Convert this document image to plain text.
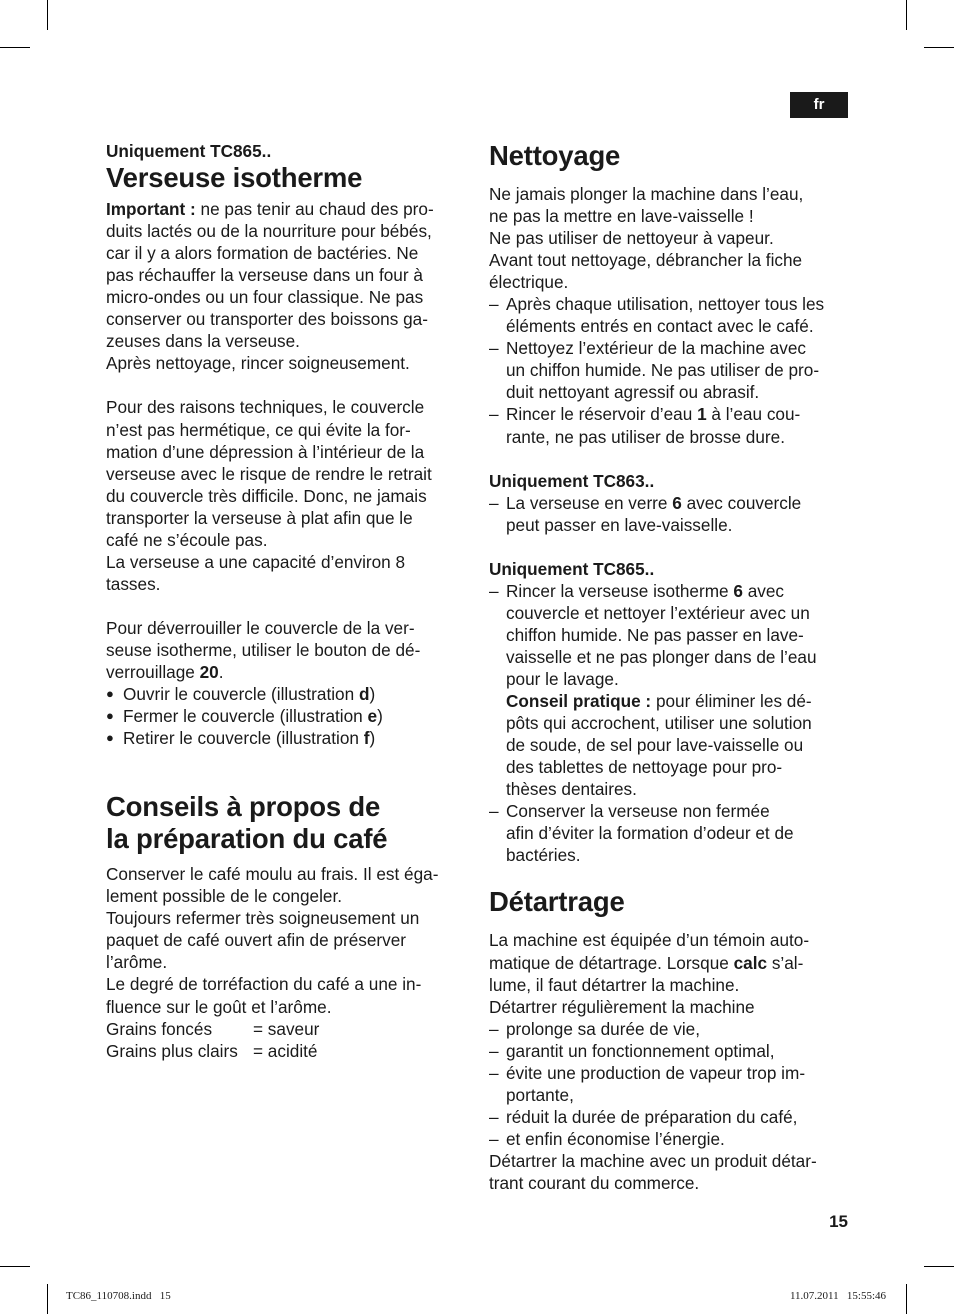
fr
Uniquement TC865..
Verseuse isotherme

Important : ne pas tenir au chaud des pro-

duits lactés ou de la nourriture pour bébés,

car il y a alors formation de bactéries. Ne

pas réchauffer la verseuse dans un four à

micro-ondes ou un four classique. Ne pas

conserver ou transporter des boissons ga-

zeuses dans la verseuse.

Après nettoyage, rincer soigneusement.

Pour des raisons techniques, le couvercle

n’est pas hermétique, ce qui évite la for-

mation d’une dépression à l’intérieur de la

verseuse avec le risque de rendre le retrait

du couvercle très difficile. Donc, ne jamais

transporter la verseuse à plat afin que le

café ne s’écoule pas.

La verseuse a une capacité d’environ 8

tasses.

Pour déverrouiller le couvercle de la ver-

seuse isotherme, utiliser le bouton de dé-

verrouillage 20.

● Ouvrir le couvercle (illustration d)

● Fermer le couvercle (illustration e)

● Retirer le couvercle (illustration f)

Conseils à propos de
la préparation du café

Conserver le café moulu au frais. Il est éga-

lement possible de le congeler.

Toujours refermer très soigneusement un

paquet de café ouvert afin de préserver

l’arôme.

Le degré de torréfaction du café a une in-

fluence sur le goût et l’arôme.

Grains foncés = saveur

Grains plus clairs= acidité

Nettoyage

Ne jamais plonger la machine dans l’eau,

ne pas la mettre en lave-vaisselle !

Ne pas utiliser de nettoyeur à vapeur.

Avant tout nettoyage, débrancher la fiche

électrique.

– Après chaque utilisation, nettoyer tous les

éléments entrés en contact avec le café.

– Nettoyez l’extérieur de la machine avec

un chiffon humide. Ne pas utiliser de pro-

duit nettoyant agressif ou abrasif.

– Rincer le réservoir d’eau 1 à l’eau cou-

rante, ne pas utiliser de brosse dure.

Uniquement TC863..

– La verseuse en verre 6 avec couvercle

peut passer en lave-vaisselle.

Uniquement TC865..

– Rincer la verseuse isotherme 6 avec

couvercle et nettoyer l’extérieur avec un

chiffon humide. Ne pas passer en lave-

vaisselle et ne pas plonger dans de l’eau

pour le lavage.

Conseil pratique : pour éliminer les dé-

pôts qui accrochent, utiliser une solution

de soude, de sel pour lave-vaisselle ou

des tablettes de nettoyage pour pro-

thèses dentaires.

– Conserver la verseuse non fermée

afin d’éviter la formation d’odeur et de

bactéries.

Détartrage

La machine est équipée d’un témoin auto-

matique de détartrage. Lorsque calc s’al-

lume, il faut détartrer la machine.

Détartrer régulièrement la machine

– prolonge sa durée de vie,

– garantit un fonctionnement optimal,

– évite une production de vapeur trop im-

portante,

– réduit la durée de préparation du café,

– et enfin économise l’énergie.

Détartrer la machine avec un produit détar-

trant courant du commerce.

15
TC86_110708.indd   15	11.07.2011   15:55:46
